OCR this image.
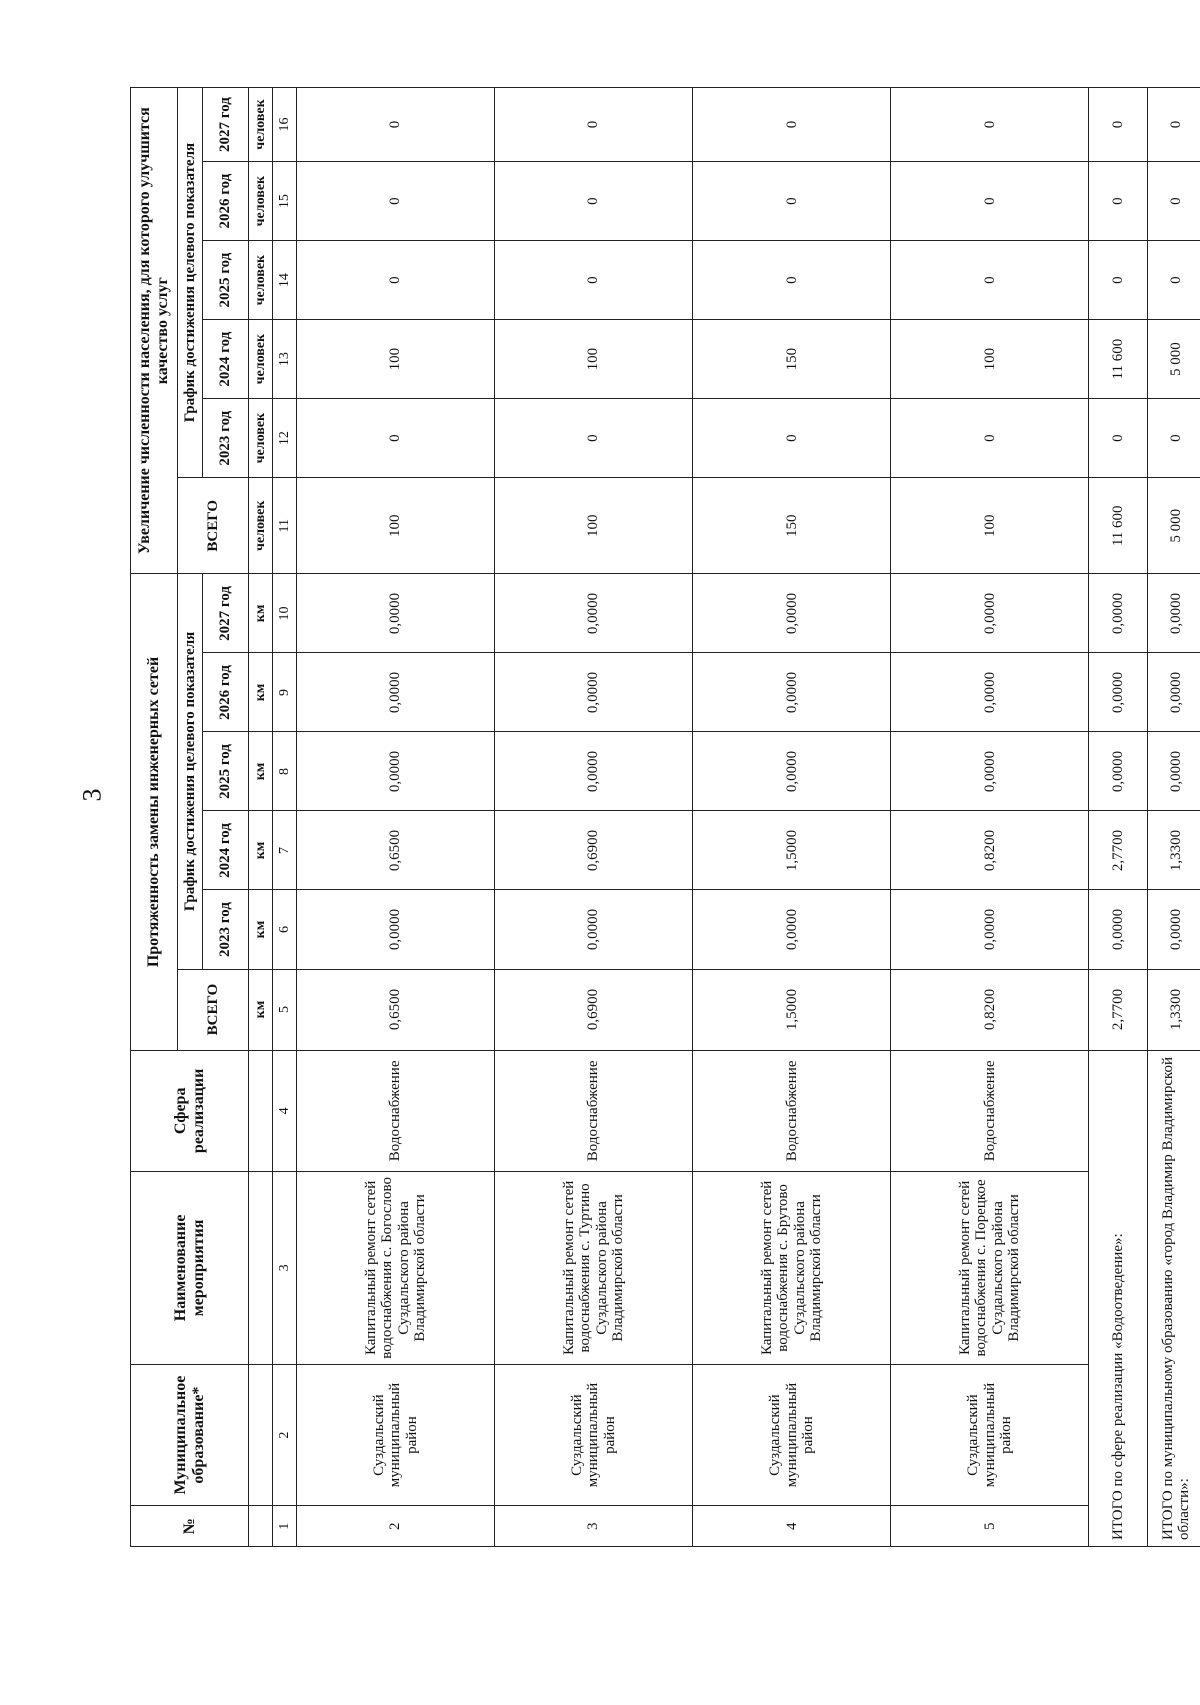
3
№	Муниципальное образование*	Наименование мероприятия	Сфера реализации	Протяженность замены инженерных сетей						Увеличение численности населения, для которого улучшится качество услуг					
				ВСЕГО	График достижения целевого показателя					ВСЕГО	График достижения целевого показателя				
					2023 год	2024 год	2025 год	2026 год	2027 год		2023 год	2024 год	2025 год	2026 год	2027 год
				км	км	км	км	км	км	человек	человек	человек	человек	человек	человек
1	2	3	4	5	6	7	8	9	10	11	12	13	14	15	16
2	Суздальский муниципальный район	Капитальный ремонт сетей водоснабжения с. Богослово Суздальского района Владимирской области	Водоснабжение	0,6500	0,0000	0,6500	0,0000	0,0000	0,0000	100	0	100	0	0	0
3	Суздальский муниципальный район	Капитальный ремонт сетей водоснабжения с. Туртино Суздальского района Владимирской области	Водоснабжение	0,6900	0,0000	0,6900	0,0000	0,0000	0,0000	100	0	100	0	0	0
4	Суздальский муниципальный район	Капитальный ремонт сетей водоснабжения с. Брутово Суздальского района Владимирской области	Водоснабжение	1,5000	0,0000	1,5000	0,0000	0,0000	0,0000	150	0	150	0	0	0
5	Суздальский муниципальный район	Капитальный ремонт сетей водоснабжения с. Порецкое Суздальского района Владимирской области	Водоснабжение	0,8200	0,0000	0,8200	0,0000	0,0000	0,0000	100	0	100	0	0	0
ИТОГО по сфере реализации «Водоотведение»:				2,7700	0,0000	2,7700	0,0000	0,0000	0,0000	11 600	0	11 600	0	0	0
ИТОГО по муниципальному образованию «город Владимир Владимирской области»:				1,3300	0,0000	1,3300	0,0000	0,0000	0,0000	5 000	0	5 000	0	0	0
